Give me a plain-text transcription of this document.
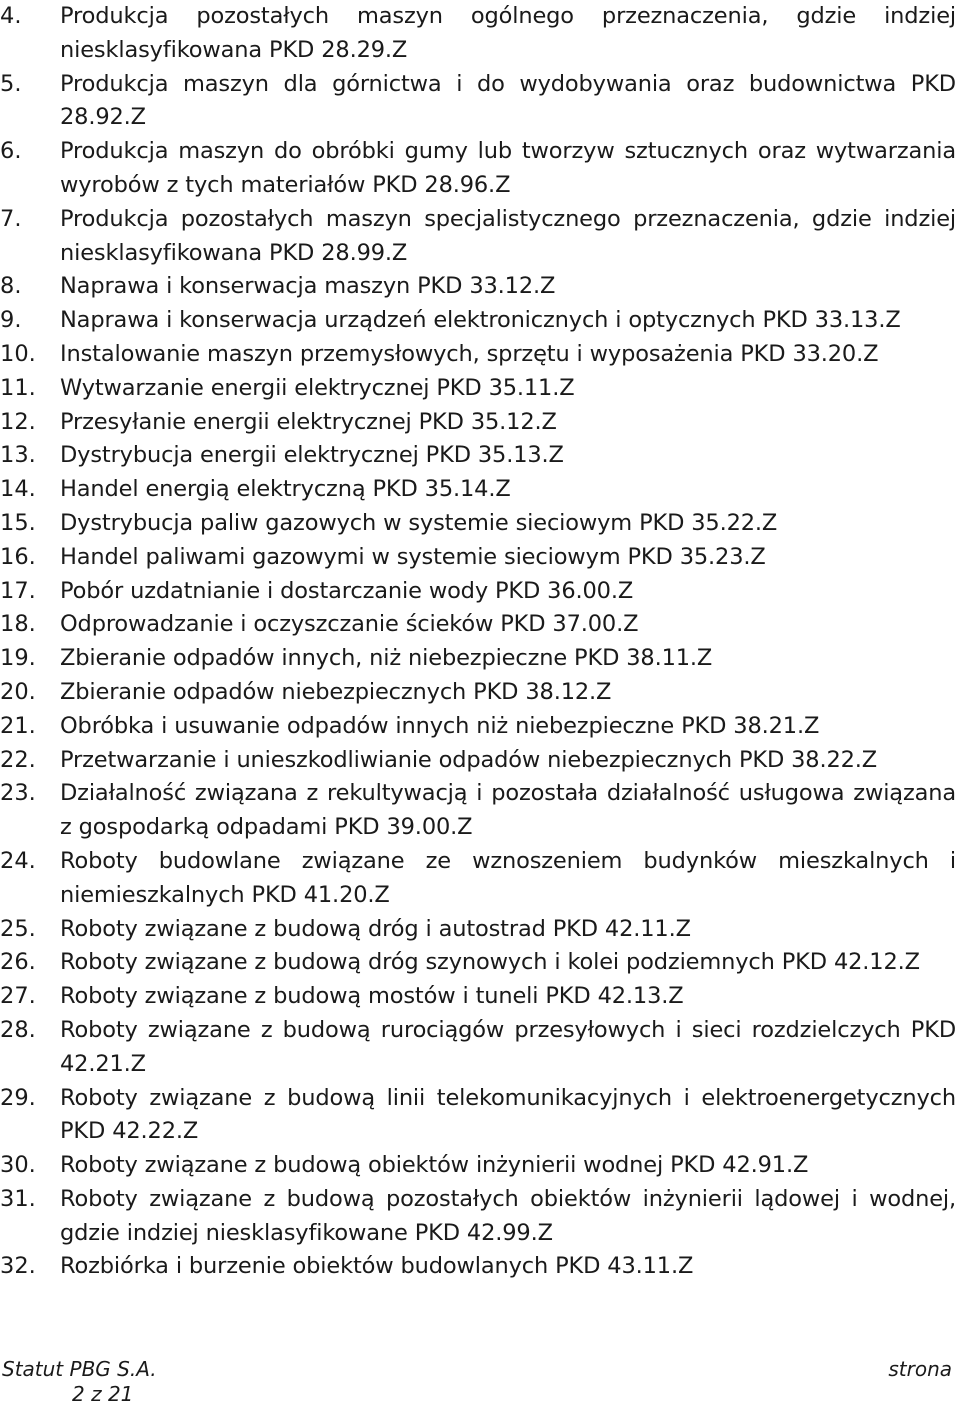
4.	Produkcja pozostałych maszyn ogólnego przeznaczenia, gdzie indziej niesklasyfikowana PKD 28.29.Z
5.	Produkcja maszyn dla górnictwa i do wydobywania oraz budownictwa PKD 28.92.Z
6.	Produkcja maszyn do obróbki gumy lub tworzyw sztucznych oraz wytwarzania wyrobów z tych materiałów PKD 28.96.Z
7.	Produkcja pozostałych maszyn specjalistycznego przeznaczenia, gdzie indziej niesklasyfikowana PKD 28.99.Z
8.	Naprawa i konserwacja maszyn PKD 33.12.Z
9.	Naprawa i konserwacja urządzeń elektronicznych i optycznych PKD 33.13.Z
10.	Instalowanie maszyn przemysłowych, sprzętu i wyposażenia PKD 33.20.Z
11.	Wytwarzanie energii elektrycznej PKD 35.11.Z
12.	Przesyłanie energii elektrycznej PKD 35.12.Z
13.	Dystrybucja energii elektrycznej PKD 35.13.Z
14.	Handel energią elektryczną PKD 35.14.Z
15.	Dystrybucja paliw gazowych w systemie sieciowym PKD 35.22.Z
16.	Handel paliwami gazowymi w systemie sieciowym PKD 35.23.Z
17.	Pobór uzdatnianie i dostarczanie wody PKD 36.00.Z
18.	Odprowadzanie i oczyszczanie ścieków PKD 37.00.Z
19.	Zbieranie odpadów innych, niż niebezpieczne PKD 38.11.Z
20.	Zbieranie odpadów niebezpiecznych PKD 38.12.Z
21.	Obróbka i usuwanie odpadów innych niż niebezpieczne PKD 38.21.Z
22.	Przetwarzanie i unieszkodliwianie odpadów niebezpiecznych PKD 38.22.Z
23.	Działalność związana z rekultywacją i pozostała działalność usługowa związana z gospodarką odpadami PKD 39.00.Z
24.	Roboty budowlane związane ze wznoszeniem budynków mieszkalnych i niemieszkalnych PKD 41.20.Z
25.	Roboty związane z budową dróg i autostrad PKD 42.11.Z
26.	Roboty związane z budową dróg szynowych i kolei podziemnych PKD 42.12.Z
27.	Roboty związane z budową mostów i tuneli PKD 42.13.Z
28.	Roboty związane z budową rurociągów przesyłowych i sieci rozdzielczych PKD 42.21.Z
29.	Roboty związane z budową linii telekomunikacyjnych i elektroenergetycznych PKD 42.22.Z
30.	Roboty związane z budową obiektów inżynierii wodnej PKD 42.91.Z
31.	Roboty związane z budową pozostałych obiektów inżynierii lądowej i wodnej, gdzie indziej niesklasyfikowane PKD 42.99.Z
32.	Rozbiórka i burzenie obiektów budowlanych PKD 43.11.Z
Statut PBG S.A.
2 z 21
strona
